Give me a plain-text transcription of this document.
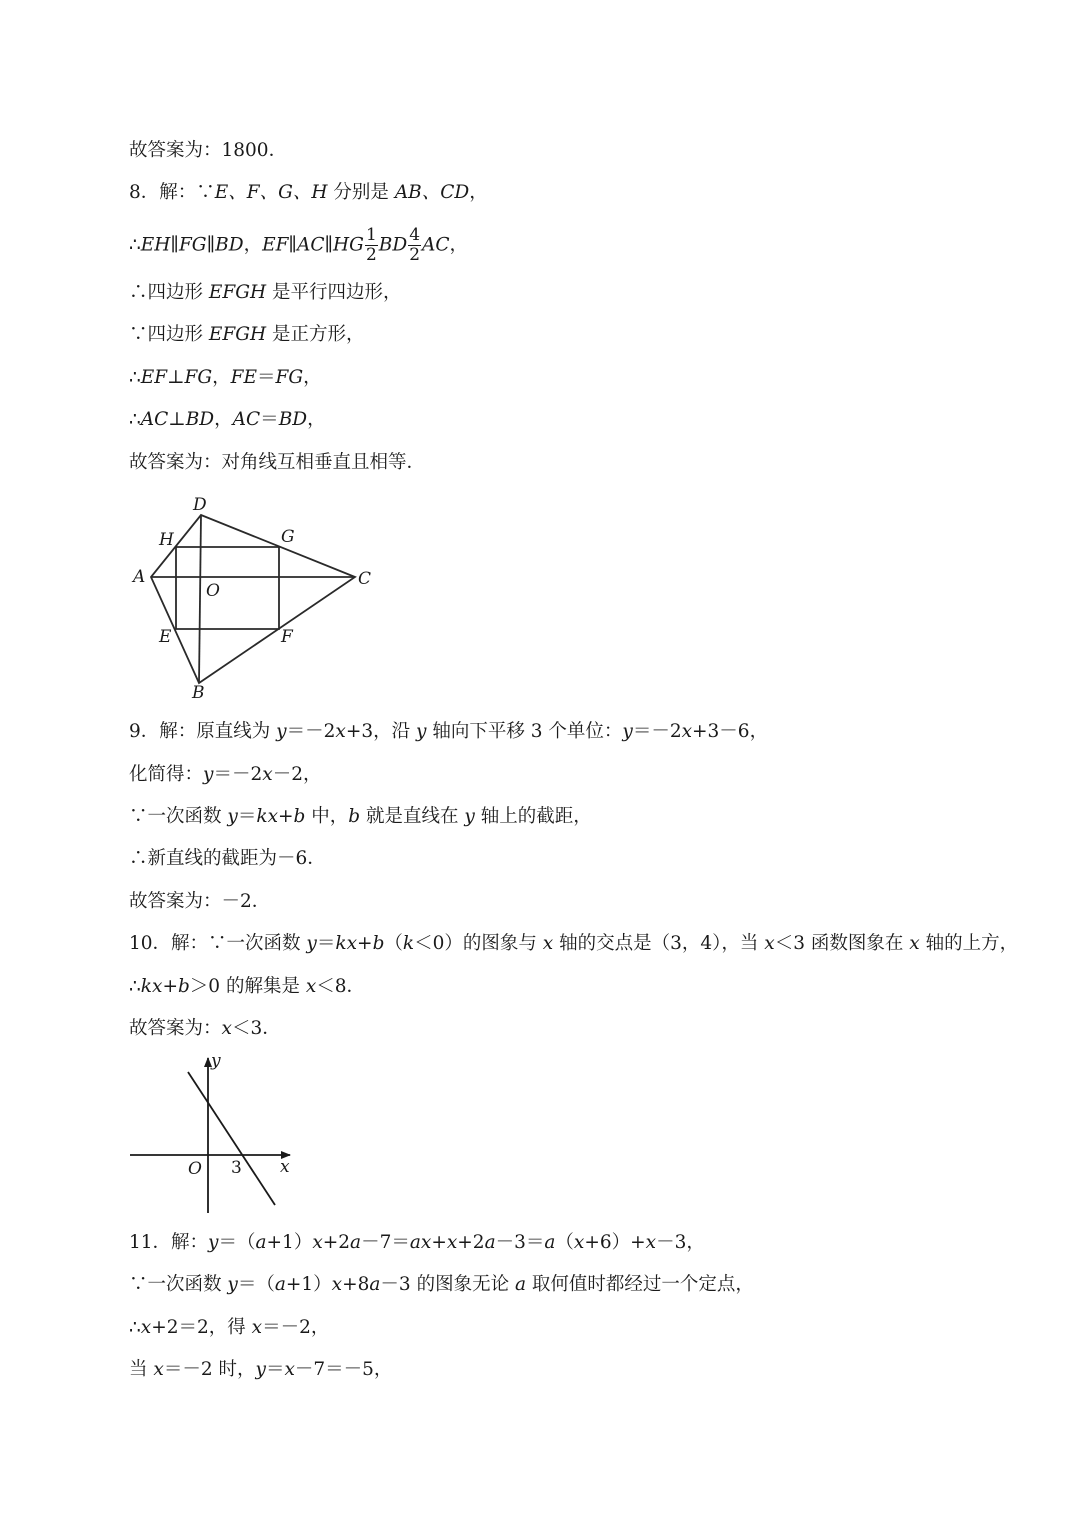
故答案为：1800．
8．解：∵E、F、G、H 分别是 AB、CD，
∴EH∥FG∥BD，EF∥AC∥HG $\frac{1}{2}$ BD $\frac{4}{2}$ AC，
∴四边形 EFGH 是平行四边形，
∵四边形 EFGH 是正方形，
∴EF⊥FG，FE＝FG，
∴AC⊥BD，AC＝BD，
故答案为：对角线互相垂直且相等．
D
H	G
A
O
C
E	F
B
9．解：原直线为 y＝－2x+3，沿 y 轴向下平移 3 个单位：y＝－2x+3－6，
化简得：y＝－2x－2，
∵一次函数 y＝kx+b 中，b 就是直线在 y 轴上的截距，
∴新直线的截距为－6．
故答案为：－2．
10．解：∵一次函数 y＝kx+b（k＜0）的图象与 x 轴的交点是（3，4），当 x＜3 函数图象在 x 轴的上方，
∴kx+b＞0 的解集是 x＜8．
故答案为：x＜3．
y
O 3 x
11．解：y＝（a+1）x+2a－7＝ax+x+2a－3＝a（x+6）+x－3，
∵一次函数 y＝（a+1）x+8a－3 的图象无论 a 取何值时都经过一个定点，
∴x+2＝2，得 x＝－2，
当 x＝－2 时，y＝x－7＝－5，
